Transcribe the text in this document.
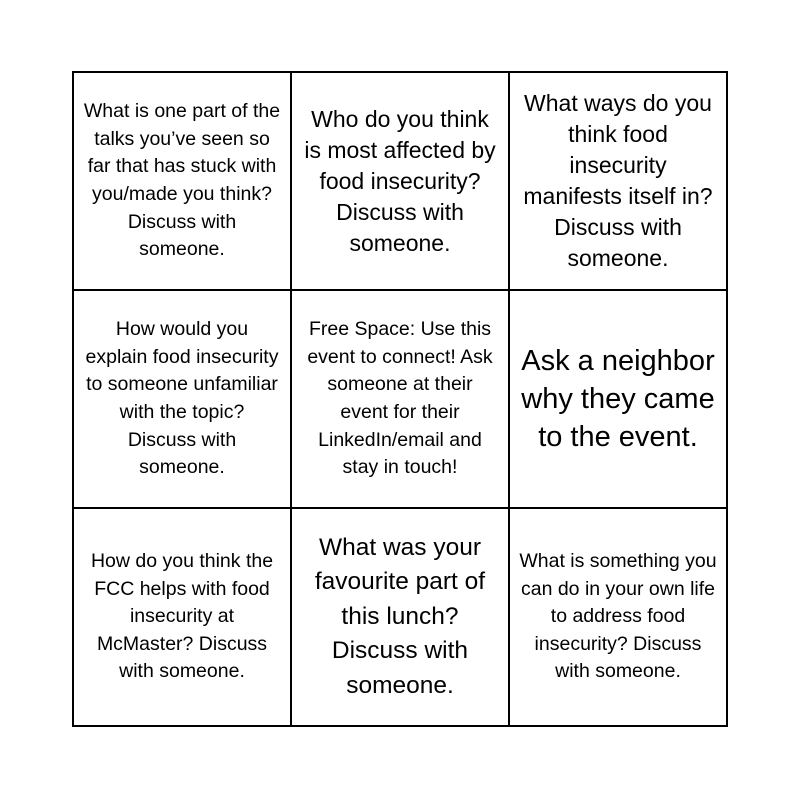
What is one part of the talks you’ve seen so far that has stuck with you/made you think? Discuss with someone.
Who do you think is most affected by food insecurity? Discuss with someone.
What ways do you think food insecurity manifests itself in? Discuss with someone.
How would you explain food insecurity to someone unfamiliar with the topic? Discuss with someone.
Free Space: Use this event to connect! Ask someone at their event for their LinkedIn/email and stay in touch!
Ask a neighbor why they came to the event.
How do you think the FCC helps with food insecurity at McMaster? Discuss with someone.
What was your favourite part of this lunch? Discuss with someone.
What is something you can do in your own life to address food insecurity? Discuss with someone.
